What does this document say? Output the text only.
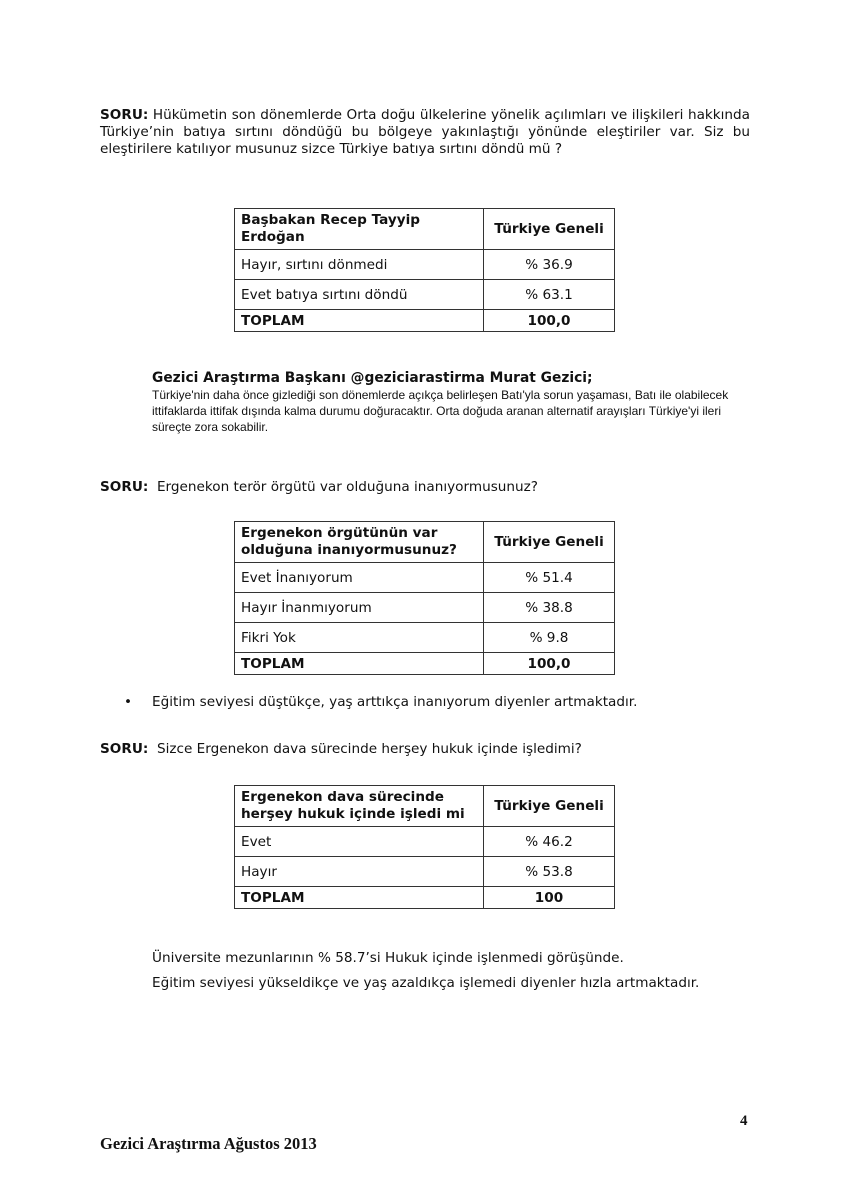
SORU: Hükümetin son dönemlerde Orta doğu ülkelerine yönelik açılımları ve ilişkileri hakkında Türkiye’nin batıya sırtını döndüğü bu bölgeye yakınlaştığı yönünde eleştiriler var. Siz bu eleştirilere katılıyor musunuz sizce Türkiye batıya sırtını döndü mü ?
Başbakan Recep Tayyip Erdoğan	Türkiye Geneli
Hayır, sırtını dönmedi	% 36.9
Evet batıya sırtını döndü	% 63.1
TOPLAM	100,0
Gezici Araştırma Başkanı @geziciarastirma Murat Gezici;
Türkiye'nin daha önce gizlediği son dönemlerde açıkça belirleşen Batı'yla sorun yaşaması, Batı ile olabilecek ittifaklarda ittifak dışında kalma durumu doğuracaktır. Orta doğuda aranan alternatif arayışları Türkiye'yi ileri süreçte zora sokabilir.
SORU: Ergenekon terör örgütü var olduğuna inanıyormusunuz?
Ergenekon örgütünün var olduğuna inanıyormusunuz?	Türkiye Geneli
Evet İnanıyorum	% 51.4
Hayır İnanmıyorum	% 38.8
Fikri Yok	% 9.8
TOPLAM	100,0
• Eğitim seviyesi düştükçe, yaş arttıkça inanıyorum diyenler artmaktadır.
SORU: Sizce Ergenekon dava sürecinde herşey hukuk içinde işledimi?
Ergenekon dava sürecinde herşey hukuk içinde işledi mi	Türkiye Geneli
Evet	% 46.2
Hayır	% 53.8
TOPLAM	100
Üniversite mezunlarının % 58.7’si Hukuk içinde işlenmedi görüşünde.
Eğitim seviyesi yükseldikçe ve yaş azaldıkça işlemedi diyenler hızla artmaktadır.
4
Gezici Araştırma Ağustos 2013
